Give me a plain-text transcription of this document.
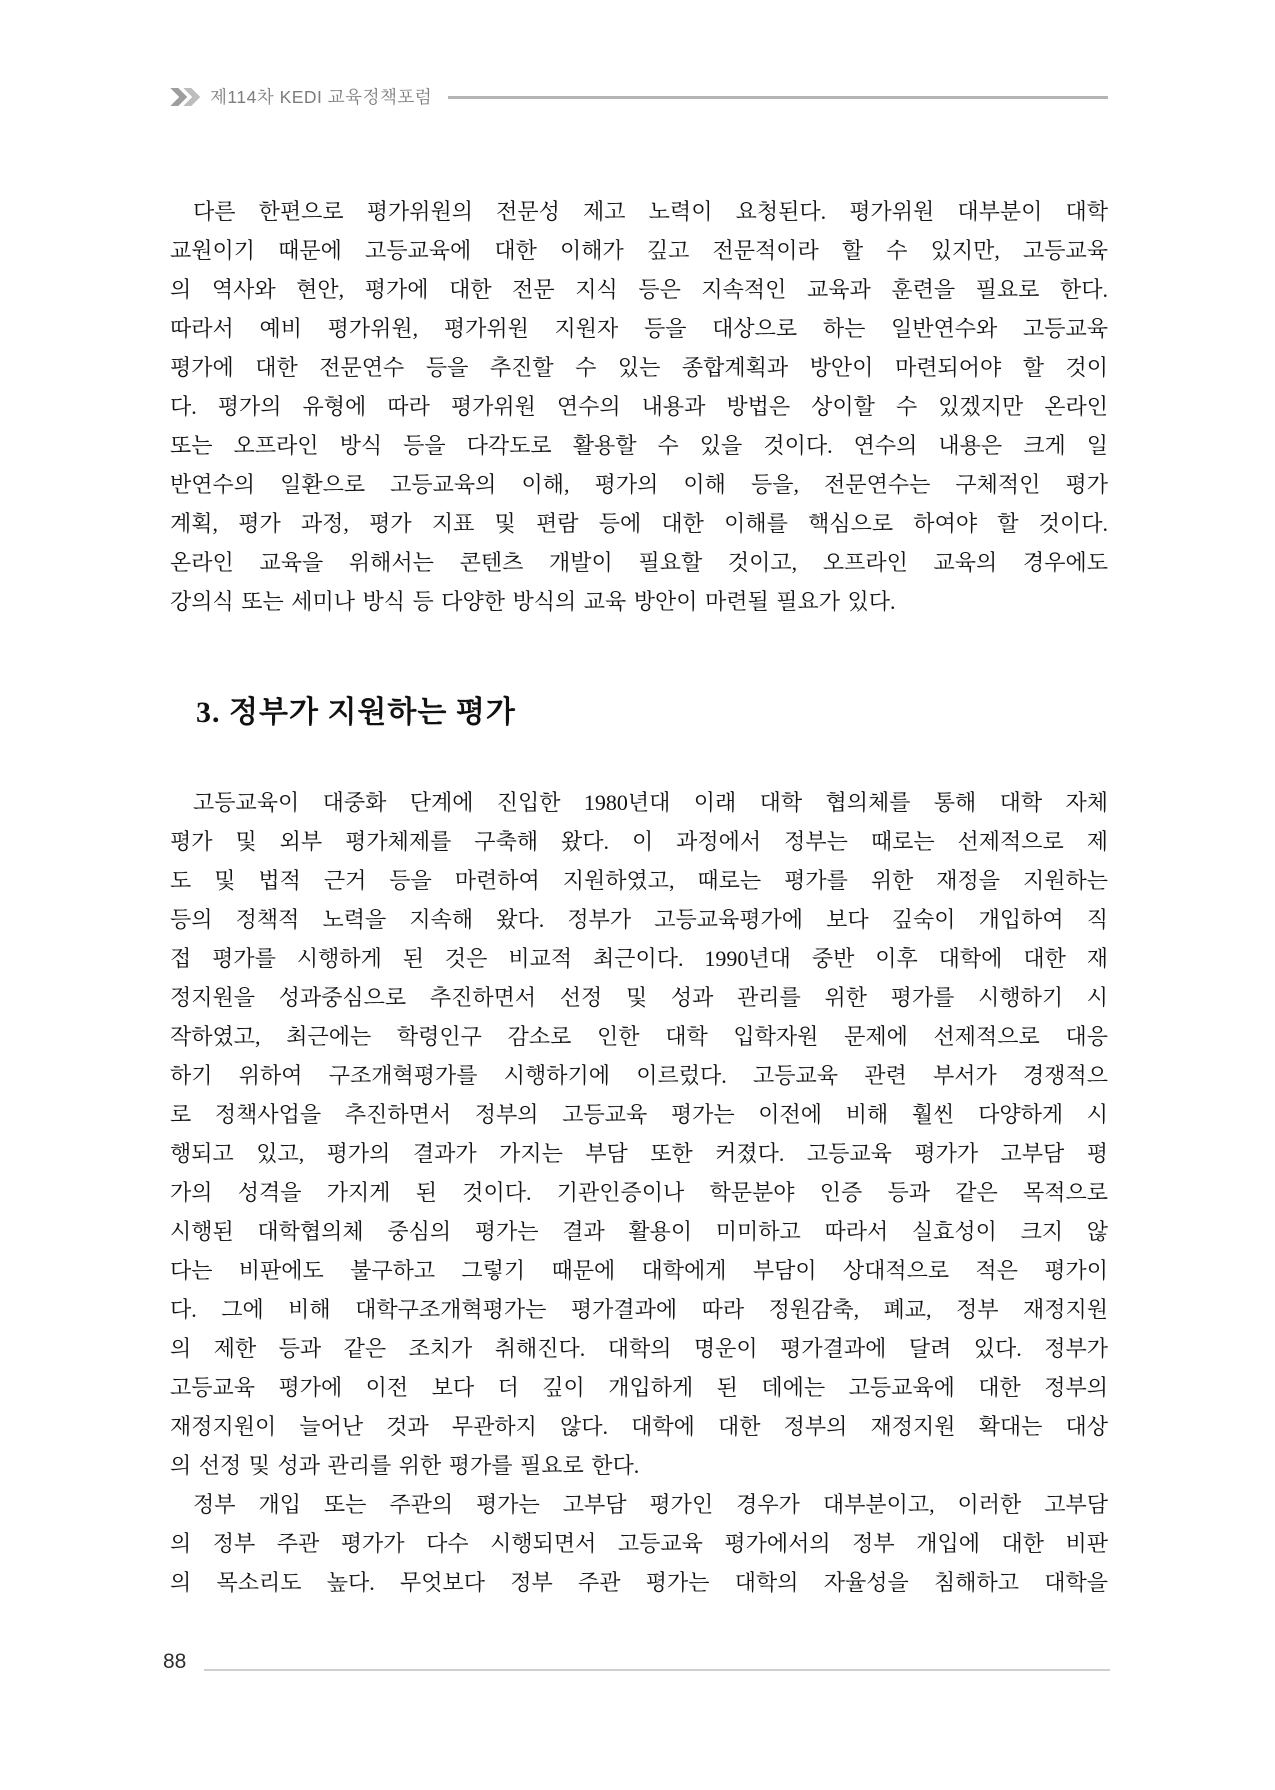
제114차 KEDI 교육정책포럼
다른 한편으로 평가위원의 전문성 제고 노력이 요청된다. 평가위원 대부분이 대학
교원이기 때문에 고등교육에 대한 이해가 깊고 전문적이라 할 수 있지만, 고등교육
의 역사와 현안, 평가에 대한 전문 지식 등은 지속적인 교육과 훈련을 필요로 한다.
따라서 예비 평가위원, 평가위원 지원자 등을 대상으로 하는 일반연수와 고등교육
평가에 대한 전문연수 등을 추진할 수 있는 종합계획과 방안이 마련되어야 할 것이
다. 평가의 유형에 따라 평가위원 연수의 내용과 방법은 상이할 수 있겠지만 온라인
또는 오프라인 방식 등을 다각도로 활용할 수 있을 것이다. 연수의 내용은 크게 일
반연수의 일환으로 고등교육의 이해, 평가의 이해 등을, 전문연수는 구체적인 평가
계획, 평가 과정, 평가 지표 및 편람 등에 대한 이해를 핵심으로 하여야 할 것이다.
온라인 교육을 위해서는 콘텐츠 개발이 필요할 것이고, 오프라인 교육의 경우에도
강의식 또는 세미나 방식 등 다양한 방식의 교육 방안이 마련될 필요가 있다.
3. 정부가 지원하는 평가
고등교육이 대중화 단계에 진입한 1980년대 이래 대학 협의체를 통해 대학 자체
평가 및 외부 평가체제를 구축해 왔다. 이 과정에서 정부는 때로는 선제적으로 제
도 및 법적 근거 등을 마련하여 지원하였고, 때로는 평가를 위한 재정을 지원하는
등의 정책적 노력을 지속해 왔다. 정부가 고등교육평가에 보다 깊숙이 개입하여 직
접 평가를 시행하게 된 것은 비교적 최근이다. 1990년대 중반 이후 대학에 대한 재
정지원을 성과중심으로 추진하면서 선정 및 성과 관리를 위한 평가를 시행하기 시
작하였고, 최근에는 학령인구 감소로 인한 대학 입학자원 문제에 선제적으로 대응
하기 위하여 구조개혁평가를 시행하기에 이르렀다. 고등교육 관련 부서가 경쟁적으
로 정책사업을 추진하면서 정부의 고등교육 평가는 이전에 비해 훨씬 다양하게 시
행되고 있고, 평가의 결과가 가지는 부담 또한 커졌다. 고등교육 평가가 고부담 평
가의 성격을 가지게 된 것이다. 기관인증이나 학문분야 인증 등과 같은 목적으로
시행된 대학협의체 중심의 평가는 결과 활용이 미미하고 따라서 실효성이 크지 않
다는 비판에도 불구하고 그렇기 때문에 대학에게 부담이 상대적으로 적은 평가이
다. 그에 비해 대학구조개혁평가는 평가결과에 따라 정원감축, 폐교, 정부 재정지원
의 제한 등과 같은 조치가 취해진다. 대학의 명운이 평가결과에 달려 있다. 정부가
고등교육 평가에 이전 보다 더 깊이 개입하게 된 데에는 고등교육에 대한 정부의
재정지원이 늘어난 것과 무관하지 않다. 대학에 대한 정부의 재정지원 확대는 대상
의 선정 및 성과 관리를 위한 평가를 필요로 한다.
정부 개입 또는 주관의 평가는 고부담 평가인 경우가 대부분이고, 이러한 고부담
의 정부 주관 평가가 다수 시행되면서 고등교육 평가에서의 정부 개입에 대한 비판
의 목소리도 높다. 무엇보다 정부 주관 평가는 대학의 자율성을 침해하고 대학을
88
